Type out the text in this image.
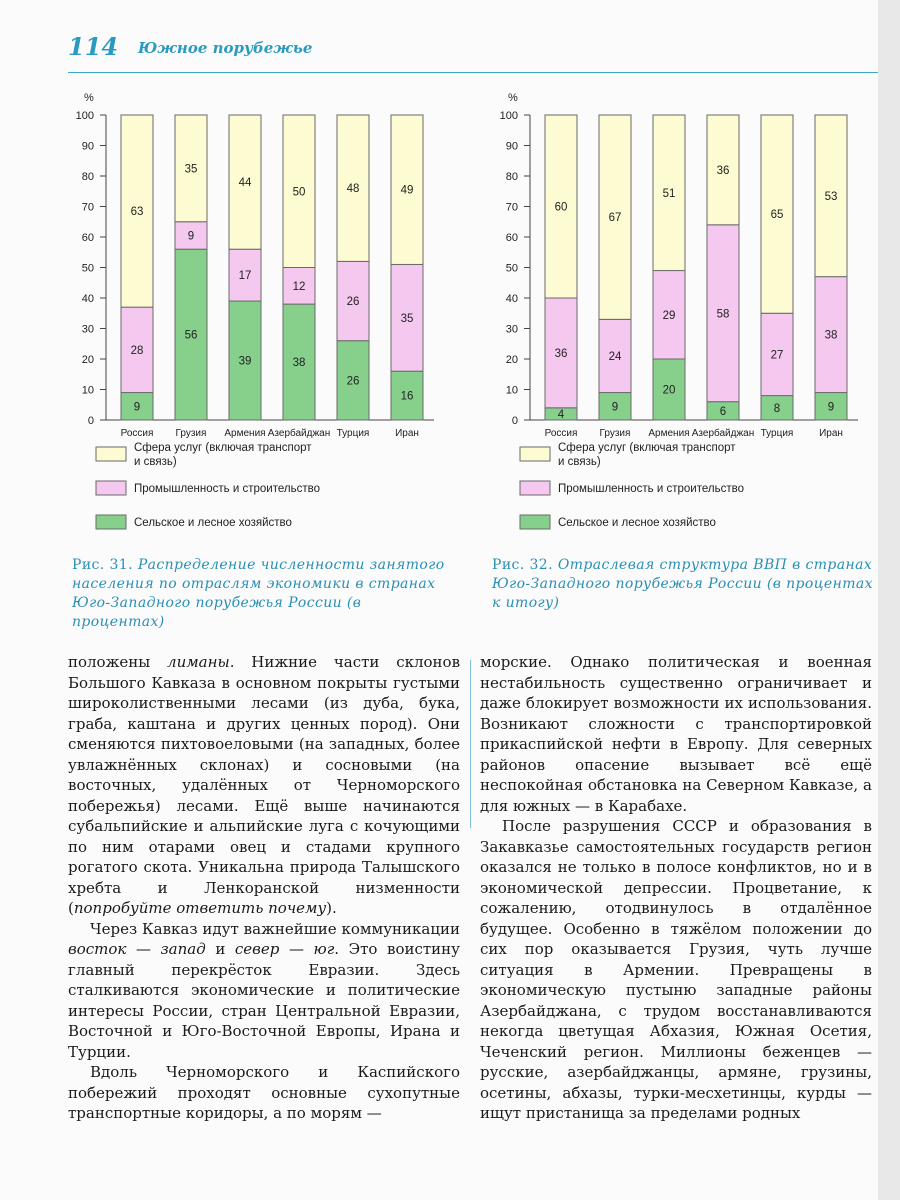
114 Южное порубежье
%
0
10
20
30
40
50
60
70
80
90
100
9
28
63
Россия
56
9
35
Грузия
39
17
44
Армения
38
12
50
Азербайджан
26
26
48
Турция
16
35
49
Иран
Сфера услуг (включая транспорт
и связь)
Промышленность и строительство
Сельское и лесное хозяйство
%
0
10
20
30
40
50
60
70
80
90
100
4
36
60
Россия
9
24
67
Грузия
20
29
51
Армения
6
58
36
Азербайджан
8
27
65
Турция
9
38
53
Иран
Сфера услуг (включая транспорт
и связь)
Промышленность и строительство
Сельское и лесное хозяйство
Рис. 31. Распределение численности занятого населения по отраслям экономики в странах Юго-Западного порубежья России (в процентах)
Рис. 32. Отраслевая структура ВВП в странах Юго-Западного порубежья России (в процентах к итогу)

положены лиманы. Нижние части склонов Большого Кавказа в основном покрыты густыми широколиственными лесами (из дуба, бука, граба, каштана и других ценных пород). Они сменяются пихтовоеловыми (на западных, более увлажнённых склонах) и сосновыми (на восточных, удалённых от Черноморского побережья) лесами. Ещё выше начинаются субальпийские и альпийские луга с кочующими по ним отарами овец и стадами крупного рогатого скота. Уникальна природа Талышского хребта и Ленкоранской низменности (попробуйте ответить почему).

Через Кавказ идут важнейшие коммуникации восток — запад и север — юг. Это воистину главный перекрёсток Евразии. Здесь сталкиваются экономические и политические интересы России, стран Центральной Евразии, Восточной и Юго-Восточной Европы, Ирана и Турции.

Вдоль Черноморского и Каспийского побережий проходят основные сухопутные транспортные коридоры, а по морям —

морские. Однако политическая и военная нестабильность существенно ограничивает и даже блокирует возможности их использования. Возникают сложности с транспортировкой прикаспийской нефти в Европу. Для северных районов опасение вызывает всё ещё неспокойная обстановка на Северном Кавказе, а для южных — в Карабахе.

После разрушения СССР и образования в Закавказье самостоятельных государств регион оказался не только в полосе конфликтов, но и в экономической депрессии. Процветание, к сожалению, отодвинулось в отдалённое будущее. Особенно в тяжёлом положении до сих пор оказывается Грузия, чуть лучше ситуация в Армении. Превращены в экономическую пустыню западные районы Азербайджана, с трудом восстанавливаются некогда цветущая Абхазия, Южная Осетия, Чеченский регион. Миллионы беженцев — русские, азербайджанцы, армяне, грузины, осетины, абхазы, турки-месхетинцы, курды — ищут пристанища за пределами родных
